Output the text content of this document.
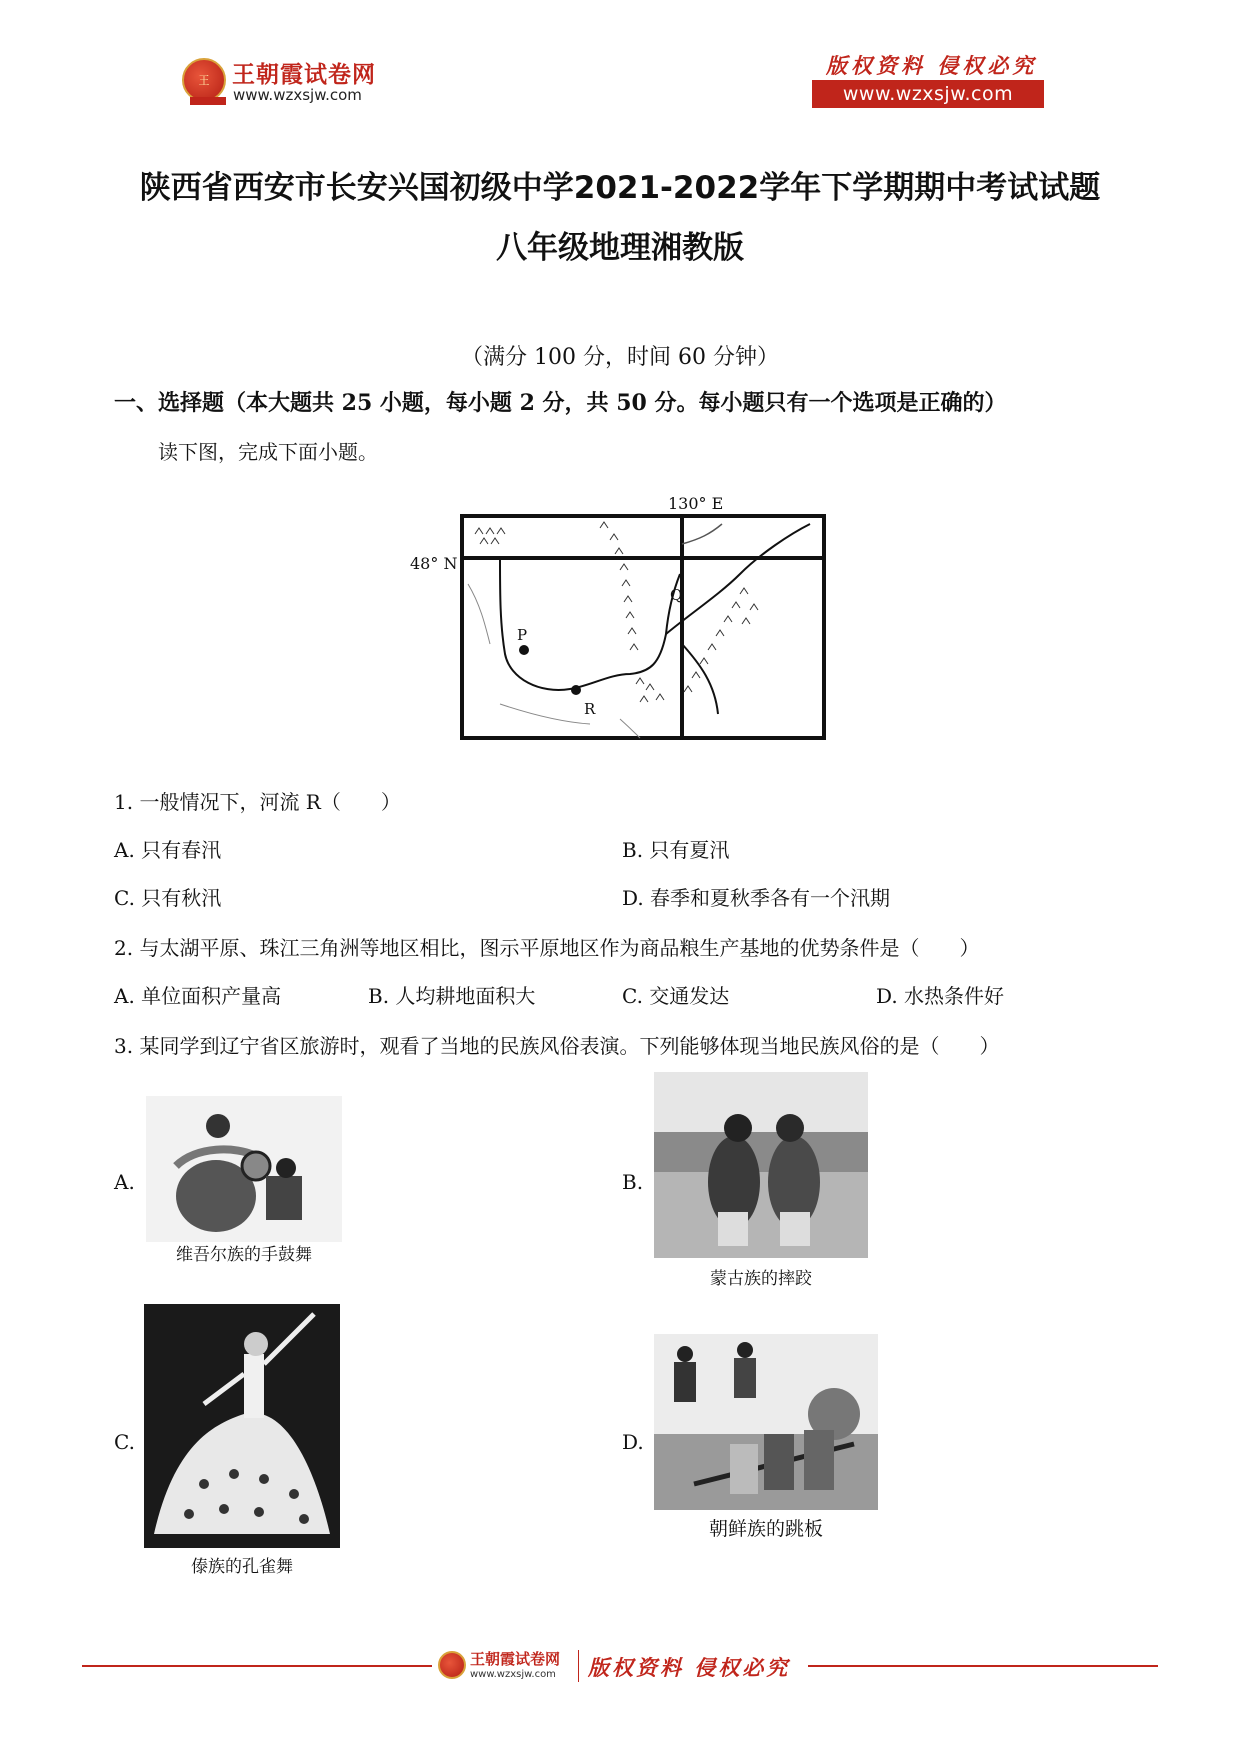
王 王朝霞试卷网
www.wzxsjw.com
版权资料 侵权必究
www.wzxsjw.com
陕西省西安市长安兴国初级中学2021-2022学年下学期期中考试试题
八年级地理湘教版
（满分 100 分，时间 60 分钟）
一、选择题（本大题共 25 小题，每小题 2 分，共 50 分。每小题只有一个选项是正确的）
读下图，完成下面小题。
130° E
48° N
P
Q
R
1. 一般情况下，河流 R（　　）
A. 只有春汛	B. 只有夏汛
C. 只有秋汛	D. 春季和夏秋季各有一个汛期
2. 与太湖平原、珠江三角洲等地区相比，图示平原地区作为商品粮生产基地的优势条件是（　　）
A. 单位面积产量高	B. 人均耕地面积大	C. 交通发达	D. 水热条件好
3. 某同学到辽宁省区旅游时，观看了当地的民族风俗表演。下列能够体现当地民族风俗的是（　　）
A.
维吾尔族的手鼓舞
B.
蒙古族的摔跤
C.
傣族的孔雀舞
D.
朝鲜族的跳板
王朝霞试卷网
www.wzxsjw.com 版权资料 侵权必究
